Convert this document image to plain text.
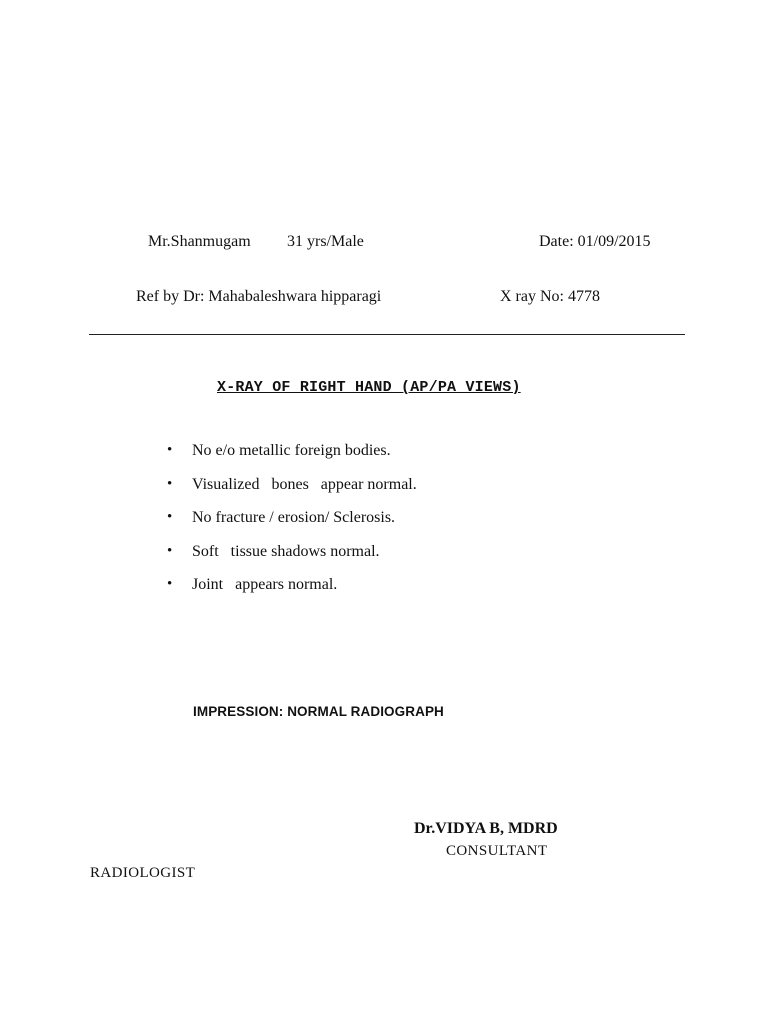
Mr.Shanmugam 31 yrs/Male	Date: 01/09/2015
Ref by Dr: Mahabaleshwara hipparagi	X ray No: 4778
X-RAY OF RIGHT HAND (AP/PA VIEWS)
• No e/o metallic foreign bodies.
• Visualized   bones   appear normal.
• No fracture / erosion/ Sclerosis.
• Soft   tissue shadows normal.
• Joint   appears normal.
IMPRESSION: NORMAL RADIOGRAPH
Dr.VIDYA B, MDRD
CONSULTANT
RADIOLOGIST
